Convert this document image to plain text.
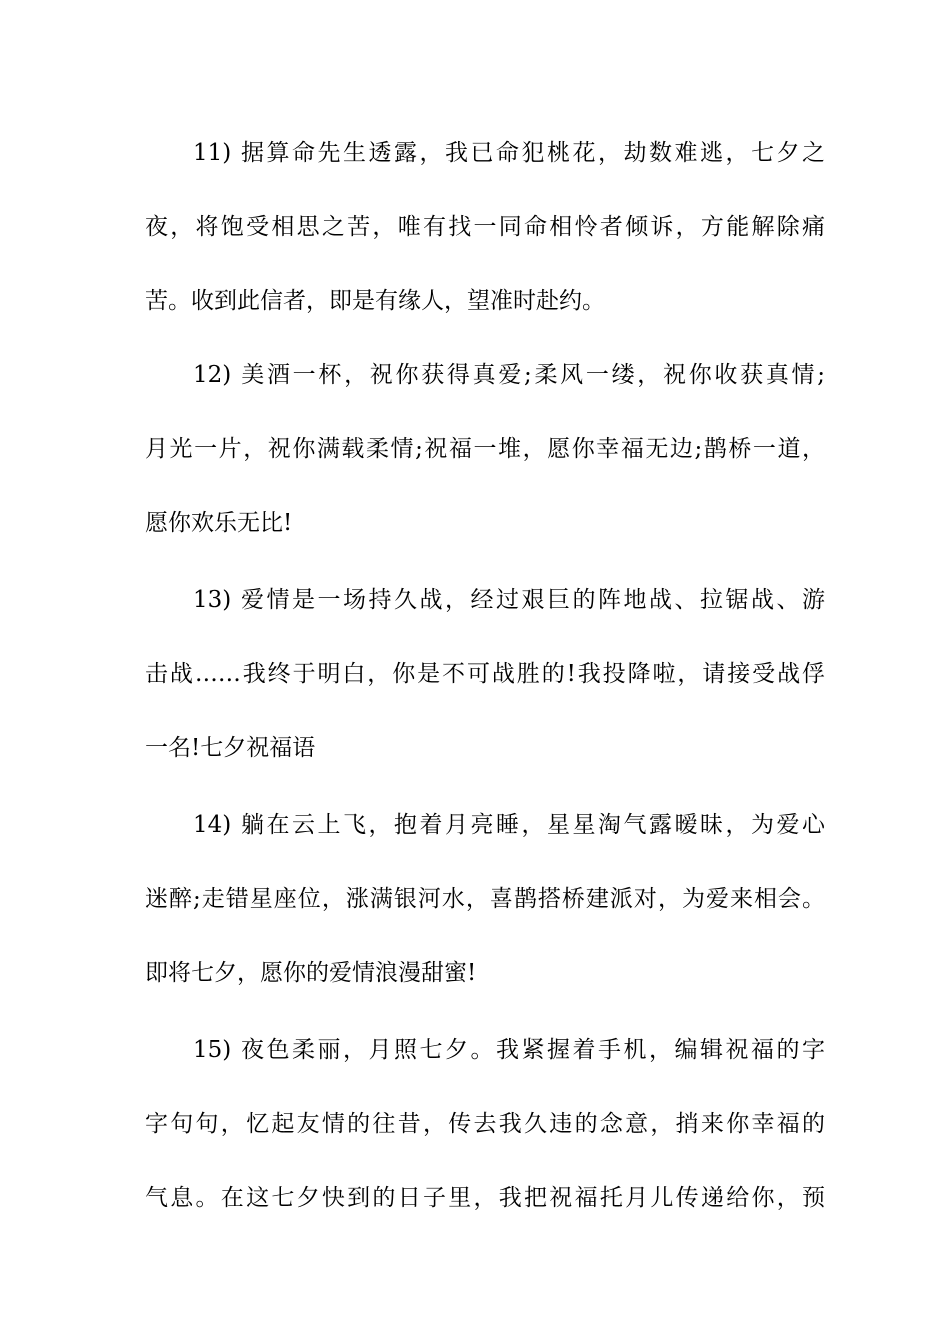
11) 据算命先生透露，我已命犯桃花，劫数难逃，七夕之
夜，将饱受相思之苦，唯有找一同命相怜者倾诉，方能解除痛
苦。收到此信者，即是有缘人，望准时赴约。
12) 美酒一杯，祝你获得真爱;柔风一缕，祝你收获真情;
月光一片，祝你满载柔情;祝福一堆，愿你幸福无边;鹊桥一道，
愿你欢乐无比!
13) 爱情是一场持久战，经过艰巨的阵地战、拉锯战、游
击战……我终于明白，你是不可战胜的!我投降啦，请接受战俘
一名!七夕祝福语
14) 躺在云上飞，抱着月亮睡，星星淘气露暧昧，为爱心
迷醉;走错星座位，涨满银河水，喜鹊搭桥建派对，为爱来相会。
即将七夕，愿你的爱情浪漫甜蜜!
15) 夜色柔丽，月照七夕。我紧握着手机，编辑祝福的字
字句句，忆起友情的往昔，传去我久违的念意，捎来你幸福的
气息。在这七夕快到的日子里，我把祝福托月儿传递给你，预
